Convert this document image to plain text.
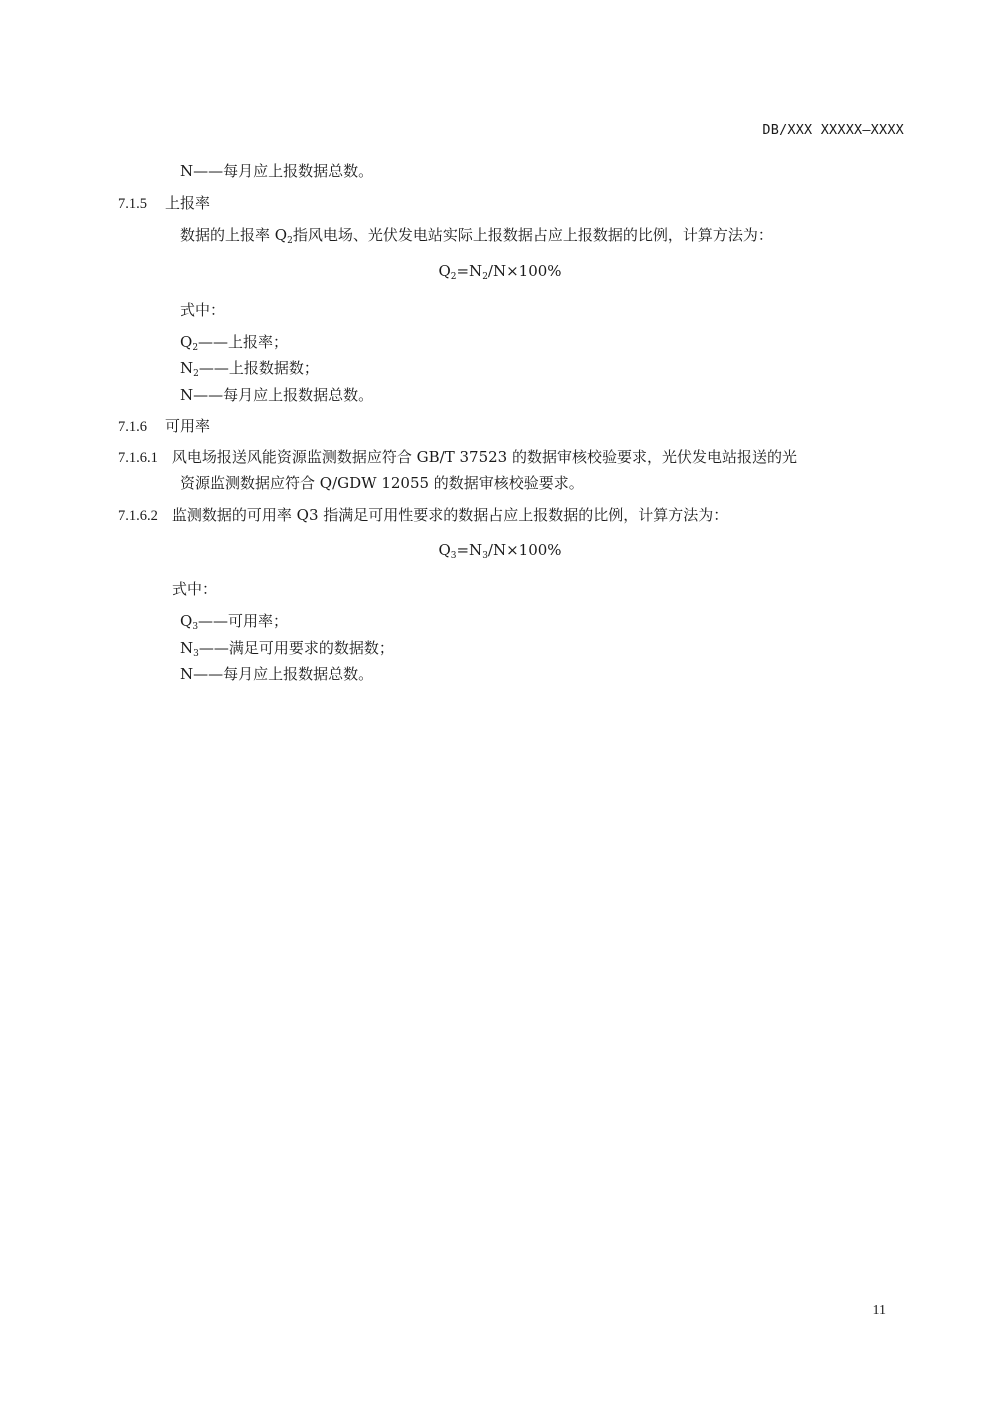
DB/XXX XXXXX—XXXX
N——每月应上报数据总数。
7.1.5 上报率
数据的上报率 $Q_2$指风电场、光伏发电站实际上报数据占应上报数据的比例，计算方法为：
$Q_2=N_2/N\times 100\%$
式中：
$Q_2——$上报率；
$N_2——$上报数据数；
N——每月应上报数据总数。
7.1.6 可用率
7.1.6.1 风电场报送风能资源监测数据应符合 GB/T 37523 的数据审核校验要求，光伏发电站报送的光
资源监测数据应符合 Q/GDW 12055 的数据审核校验要求。
7.1.6.2 监测数据的可用率 Q3 指满足可用性要求的数据占应上报数据的比例，计算方法为：
$Q_3=N_3/N\times 100\%$
式中：
$Q_3——$可用率；
$N_3——$满足可用要求的数据数；
N——每月应上报数据总数。
11
